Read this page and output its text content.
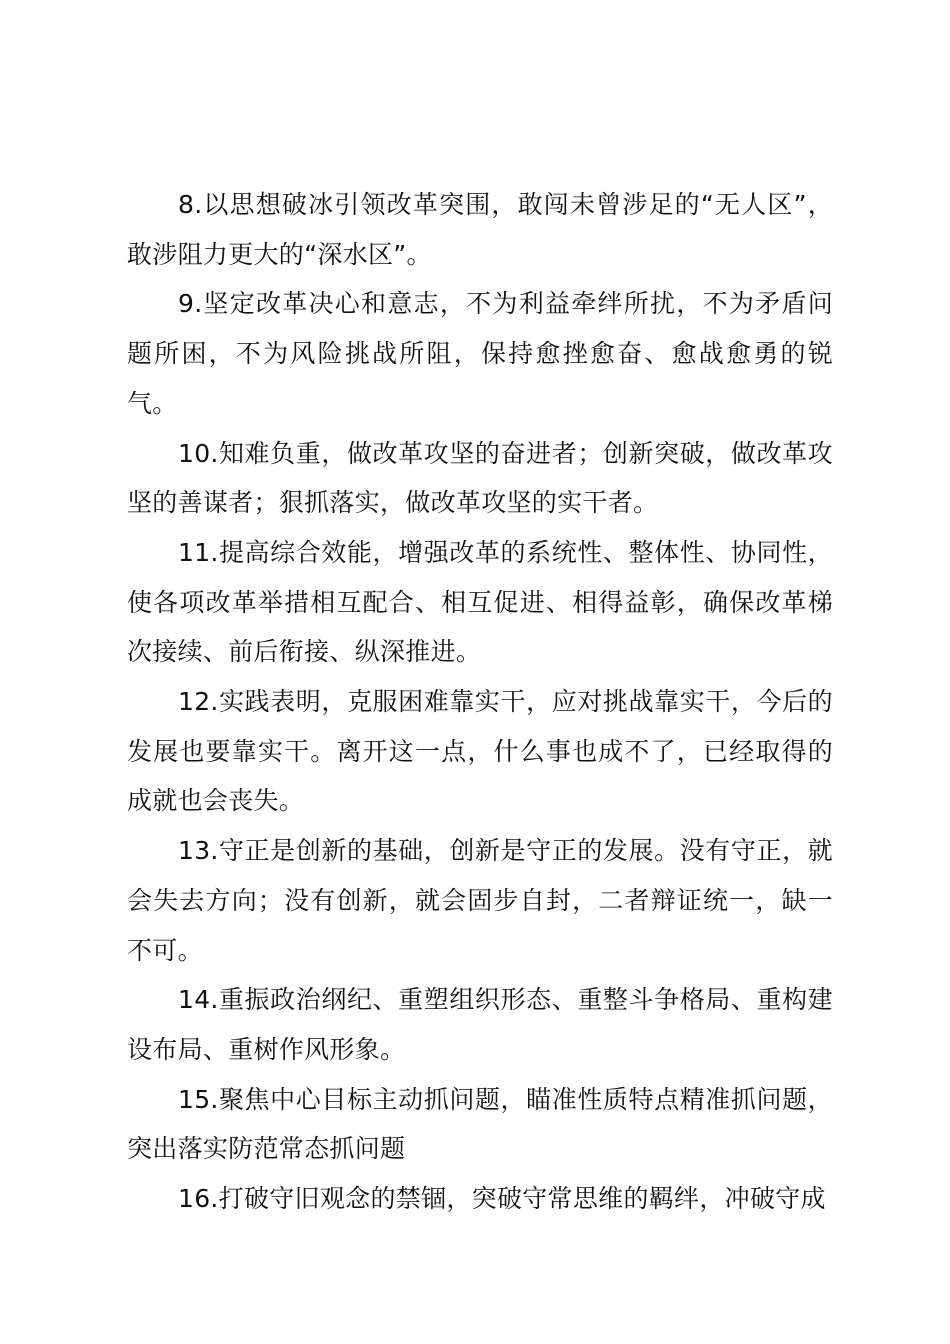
8.以思想破冰引领改革突围，敢闯未曾涉足的“无人区”，敢涉阻力更大的“深水区”。

9.坚定改革决心和意志，不为利益牵绊所扰，不为矛盾问题所困，不为风险挑战所阻，保持愈挫愈奋、愈战愈勇的锐气。

10.知难负重，做改革攻坚的奋进者；创新突破，做改革攻坚的善谋者；狠抓落实，做改革攻坚的实干者。

11.提高综合效能，增强改革的系统性、整体性、协同性，使各项改革举措相互配合、相互促进、相得益彰，确保改革梯次接续、前后衔接、纵深推进。

12.实践表明，克服困难靠实干，应对挑战靠实干，今后的发展也要靠实干。离开这一点，什么事也成不了，已经取得的成就也会丧失。

13.守正是创新的基础，创新是守正的发展。没有守正，就会失去方向；没有创新，就会固步自封，二者辩证统一，缺一不可。

14.重振政治纲纪、重塑组织形态、重整斗争格局、重构建设布局、重树作风形象。

15.聚焦中心目标主动抓问题，瞄准性质特点精准抓问题，突出落实防范常态抓问题

16.打破守旧观念的禁锢，突破守常思维的羁绊，冲破守成
